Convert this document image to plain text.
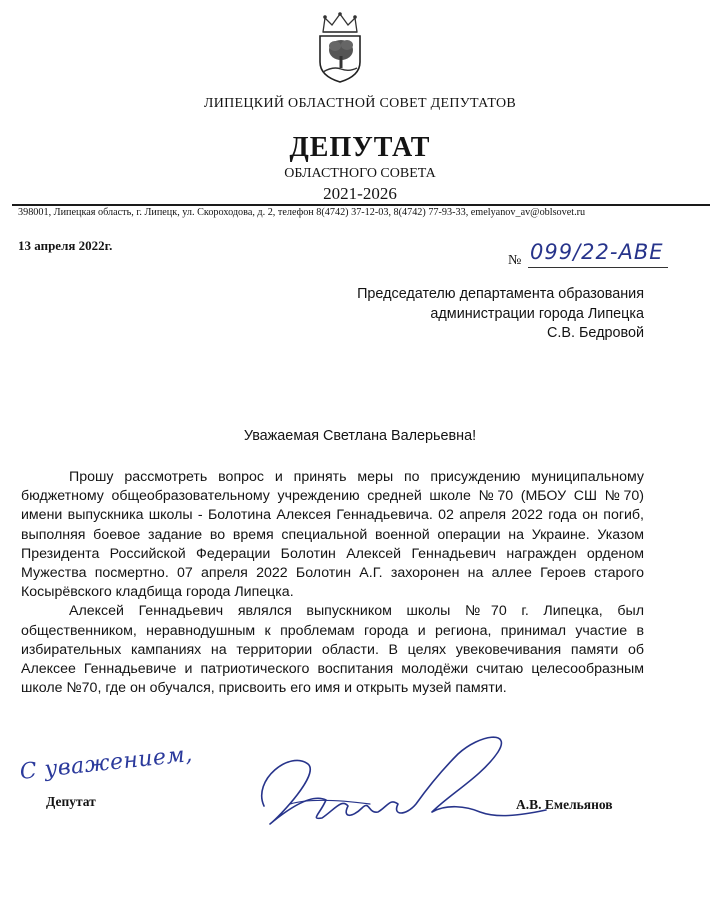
ЛИПЕЦКИЙ ОБЛАСТНОЙ СОВЕТ ДЕПУТАТОВ
ДЕПУТАТ
ОБЛАСТНОГО СОВЕТА
2021-2026
398001, Липецкая область, г. Липецк, ул. Скороходова, д. 2, телефон 8(4742) 37-12-03, 8(4742) 77-93-33, emelyanov_av@oblsovet.ru
13 апреля 2022г.
№ 099/22-АВЕ
Председателю департамента образования
администрации города Липецка
С.В. Бедровой
Уважаемая Светлана Валерьевна!

Прошу рассмотреть вопрос и принять меры по присуждению муниципальному бюджетному общеобразовательному учреждению средней школе №70 (МБОУ СШ №70) имени выпускника школы - Болотина Алексея Геннадьевича. 02 апреля 2022 года он погиб, выполняя боевое задание во время специальной военной операции на Украине. Указом Президента Российской Федерации Болотин Алексей Геннадьевич награжден орденом Мужества посмертно. 07 апреля 2022 Болотин А.Г. захоронен на аллее Героев старого Косырёвского кладбища города Липецка.

Алексей Геннадьевич являлся выпускником школы №70 г. Липецка, был общественником, неравнодушным к проблемам города и региона, принимал участие в избирательных кампаниях на территории области. В целях увековечивания памяти об Алексее Геннадьевиче и патриотического воспитания молодёжи считаю целесообразным школе №70, где он обучался, присвоить его имя и открыть музей памяти.

С уважением,
Депутат	А.В. Емельянов
